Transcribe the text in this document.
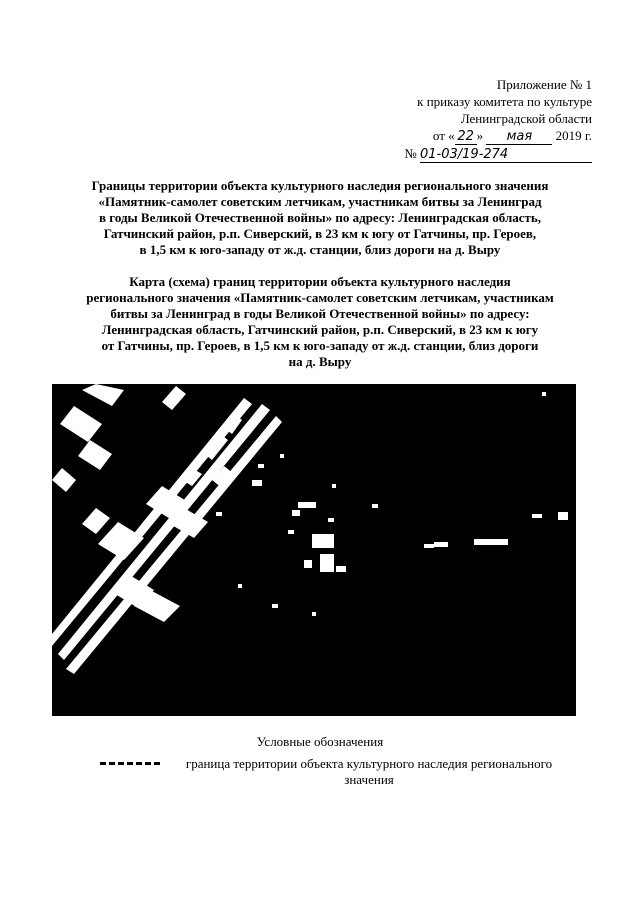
Приложение № 1
к приказу комитета по культуре
Ленинградской области
от « 22 » мая 2019 г.
№ 01-03/19-274
Границы территории объекта культурного наследия регионального значения
«Памятник-самолет советским летчикам, участникам битвы за Ленинград
в годы Великой Отечественной войны» по адресу: Ленинградская область,
Гатчинский район, р.п. Сиверский, в 23 км к югу от Гатчины, пр. Героев,
в 1,5 км к юго-западу от ж.д. станции, близ дороги на д. Выру
Карта (схема) границ территории объекта культурного наследия
регионального значения «Памятник-самолет советским летчикам, участникам
битвы за Ленинград в годы Великой Отечественной войны» по адресу:
Ленинградская область, Гатчинский район, р.п. Сиверский, в 23 км к югу
от Гатчины, пр. Героев, в 1,5 км к юго-западу от ж.д. станции, близ дороги
на д. Выру
Условные обозначения
граница территории объекта культурного наследия регионального
значения
